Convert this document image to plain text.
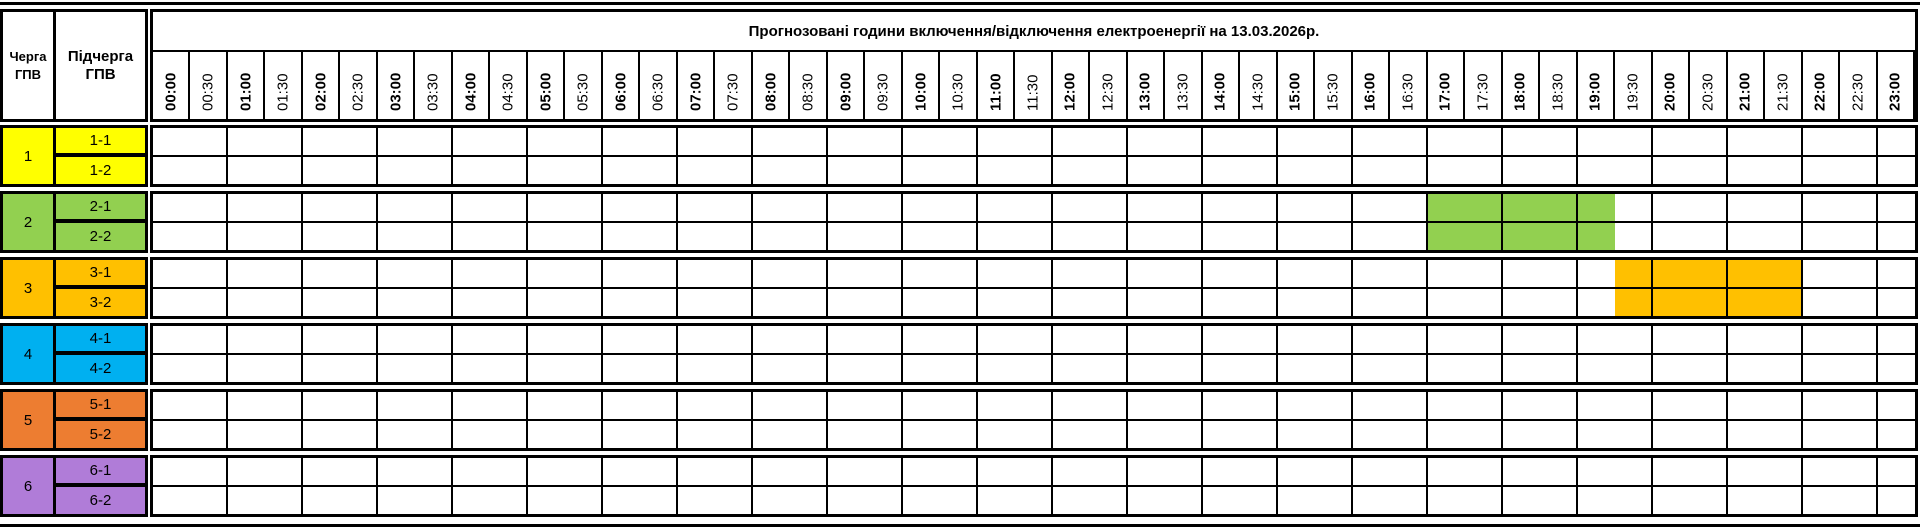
Черга
ГПВ
Підчерга
ГПВ
Прогнозовані години включення/відключення електроенергії на 13.03.2026р.
00:00 00:30 01:00 01:30 02:00 02:30 03:00 03:30 04:00 04:30 05:00 05:30 06:00 06:30 07:00 07:30 08:00 08:30 09:00 09:30 10:00 10:30 11:00 11:30 12:00 12:30 13:00 13:30 14:00 14:30 15:00 15:30 16:00 16:30 17:00 17:30 18:00 18:30 19:00 19:30 20:00 20:30 21:00 21:30 22:00 22:30 23:00
1
1-1
1-2
2
2-1
2-2
3
3-1
3-2
4
4-1
4-2
5
5-1
5-2
6
6-1
6-2
